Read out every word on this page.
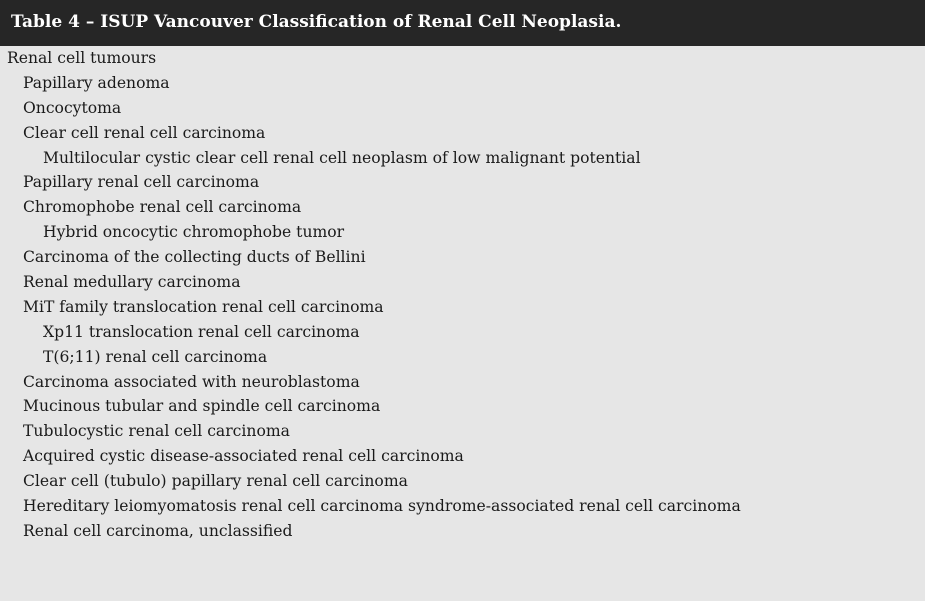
Table 4 – ISUP Vancouver Classification of Renal Cell Neoplasia.
Renal cell tumours
Papillary adenoma
Oncocytoma
Clear cell renal cell carcinoma
Multilocular cystic clear cell renal cell neoplasm of low malignant potential
Papillary renal cell carcinoma
Chromophobe renal cell carcinoma
Hybrid oncocytic chromophobe tumor
Carcinoma of the collecting ducts of Bellini
Renal medullary carcinoma
MiT family translocation renal cell carcinoma
Xp11 translocation renal cell carcinoma
T(6;11) renal cell carcinoma
Carcinoma associated with neuroblastoma
Mucinous tubular and spindle cell carcinoma
Tubulocystic renal cell carcinoma
Acquired cystic disease-associated renal cell carcinoma
Clear cell (tubulo) papillary renal cell carcinoma
Hereditary leiomyomatosis renal cell carcinoma syndrome-associated renal cell carcinoma
Renal cell carcinoma, unclassified
